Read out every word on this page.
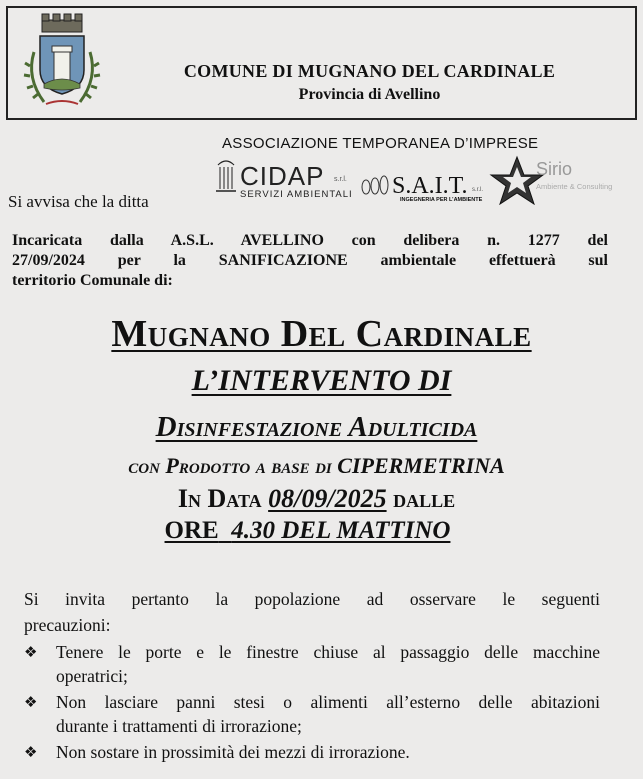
COMUNE DI MUGNANO DEL CARDINALE
Provincia di Avellino
ASSOCIAZIONE TEMPORANEA D’IMPRESE
CIDAP s.r.l.
SERVIZI AMBIENTALI S.A.I.T. s.r.l.
INGEGNERIA PER L’AMBIENTE
Sirio
Ambiente & Consulting
Si avvisa che la ditta
Incaricata dalla A.S.L. AVELLINO con delibera n. 1277 del
27/09/2024 per la SANIFICAZIONE ambientale effettuerà sul
territorio Comunale di:
Mugnano Del Cardinale
L’INTERVENTO DI
Disinfestazione Adulticida
con Prodotto a base di CIPERMETRINA
In Data 08/09/2025 dalle
ORE 4.30 DEL MATTINO
Si invita pertanto la popolazione ad osservare le seguenti
precauzioni:
❖ Tenere le porte e le finestre chiuse al passaggio delle macchine
operatrici;
❖ Non lasciare panni stesi o alimenti all’esterno delle abitazioni
durante i trattamenti di irrorazione;
❖ Non sostare in prossimità dei mezzi di irrorazione.
